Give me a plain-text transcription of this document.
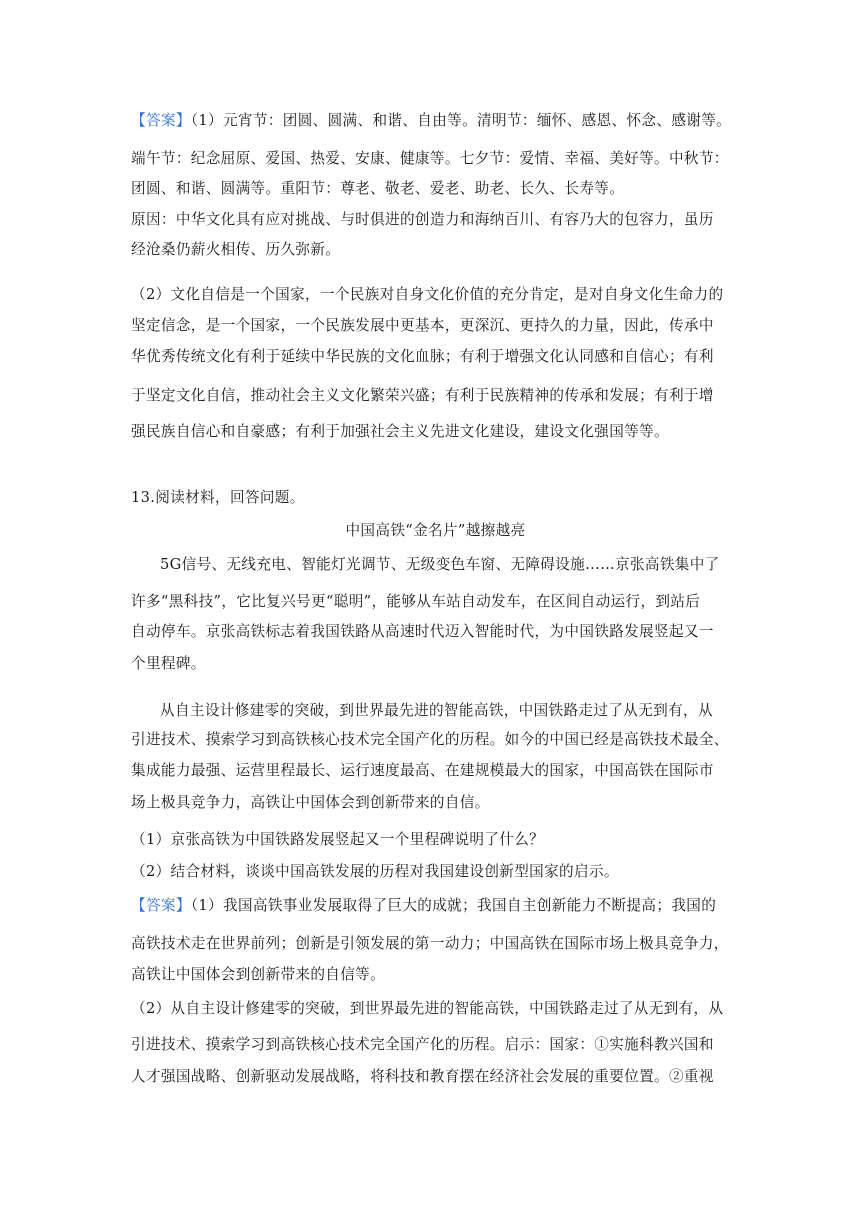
【答案】（1）元宵节：团圆、圆满、和谐、自由等。清明节：缅怀、感恩、怀念、感谢等。
端午节：纪念屈原、爱国、热爱、安康、健康等。七夕节：爱情、幸福、美好等。中秋节：
团圆、和谐、圆满等。重阳节：尊老、敬老、爱老、助老、长久、长寿等。
原因：中华文化具有应对挑战、与时俱进的创造力和海纳百川、有容乃大的包容力，虽历
经沧桑仍薪火相传、历久弥新。
（2）文化自信是一个国家，一个民族对自身文化价值的充分肯定，是对自身文化生命力的
坚定信念，是一个国家，一个民族发展中更基本，更深沉、更持久的力量，因此，传承中
华优秀传统文化有利于延续中华民族的文化血脉；有利于增强文化认同感和自信心；有利
于坚定文化自信，推动社会主义文化繁荣兴盛；有利于民族精神的传承和发展；有利于增
强民族自信心和自豪感；有利于加强社会主义先进文化建设，建设文化强国等等。
13.阅读材料，回答问题。
中国高铁“金名片”越擦越亮
5G信号、无线充电、智能灯光调节、无级变色车窗、无障碍设施……京张高铁集中了
许多“黑科技”，它比复兴号更“聪明”，能够从车站自动发车，在区间自动运行，到站后
自动停车。京张高铁标志着我国铁路从高速时代迈入智能时代，为中国铁路发展竖起又一
个里程碑。
从自主设计修建零的突破，到世界最先进的智能高铁，中国铁路走过了从无到有，从
引进技术、摸索学习到高铁核心技术完全国产化的历程。如今的中国已经是高铁技术最全、
集成能力最强、运营里程最长、运行速度最高、在建规模最大的国家，中国高铁在国际市
场上极具竞争力，高铁让中国体会到创新带来的自信。
（1）京张高铁为中国铁路发展竖起又一个里程碑说明了什么？
（2）结合材料，谈谈中国高铁发展的历程对我国建设创新型国家的启示。
【答案】（1）我国高铁事业发展取得了巨大的成就；我国自主创新能力不断提高；我国的
高铁技术走在世界前列；创新是引领发展的第一动力；中国高铁在国际市场上极具竞争力，
高铁让中国体会到创新带来的自信等。
（2）从自主设计修建零的突破，到世界最先进的智能高铁，中国铁路走过了从无到有，从
引进技术、摸索学习到高铁核心技术完全国产化的历程。启示：国家：①实施科教兴国和
人才强国战略、创新驱动发展战略，将科技和教育摆在经济社会发展的重要位置。②重视
